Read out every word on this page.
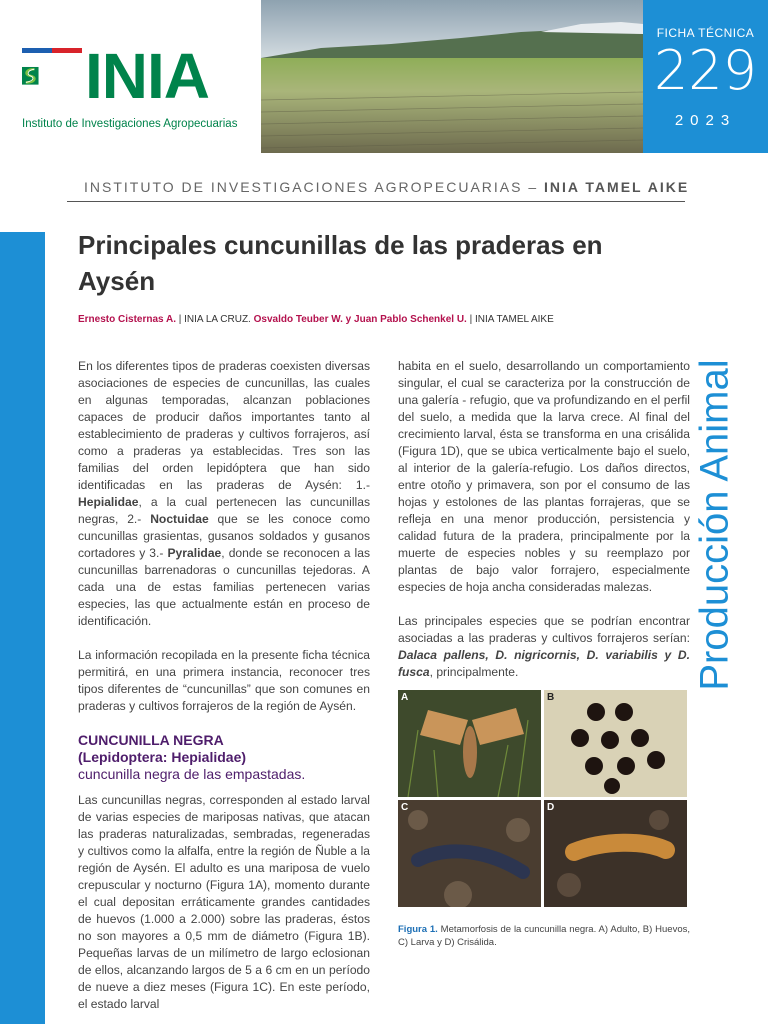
INIA
Instituto de Investigaciones Agropecuarias
FICHA TÉCNICA
229
2023
INSTITUTO DE INVESTIGACIONES AGROPECUARIAS – INIA TAMEL AIKE
Principales cuncunillas de las praderas en Aysén
Ernesto Cisternas A. | INIA LA CRUZ. Osvaldo Teuber W. y Juan Pablo Schenkel U. | INIA TAMEL AIKE
Producción Animal

En los diferentes tipos de praderas coexisten diversas asociaciones de especies de cuncunillas, las cuales en algunas temporadas, alcanzan poblaciones capaces de producir daños importantes tanto al establecimiento de praderas y cultivos forrajeros, así como a praderas ya establecidas. Tres son las familias del orden lepidóptera que han sido identificadas en las praderas de Aysén: 1.- Hepialidae, a la cual pertenecen las cuncunillas negras, 2.- Noctuidae que se les conoce como cuncunillas grasientas, gusanos soldados y gusanos cortadores y 3.- Pyralidae, donde se reconocen a las cuncunillas barrenadoras o cuncunillas tejedoras. A cada una de estas familias pertenecen varias especies, las que actualmente están en proceso de identificación.

La información recopilada en la presente ficha técnica permitirá, en una primera instancia, reconocer tres tipos diferentes de “cuncunillas” que son comunes en praderas y cultivos forrajeros de la región de Aysén.

CUNCUNILLA NEGRA
(Lepidoptera: Hepialidae)
cuncunilla negra de las empastadas.

Las cuncunillas negras, corresponden al estado larval de varias especies de mariposas nativas, que atacan las praderas naturalizadas, sembradas, regeneradas y cultivos como la alfalfa, entre la región de Ñuble a la región de Aysén. El adulto es una mariposa de vuelo crepuscular y nocturno (Figura 1A), momento durante el cual depositan erráticamente grandes cantidades de huevos (1.000 a 2.000) sobre las praderas, éstos no son mayores a 0,5 mm de diámetro (Figura 1B). Pequeñas larvas de un milímetro de largo eclosionan de ellos, alcanzando largos de 5 a 6 cm en un período de nueve a diez meses (Figura 1C). En este período, el estado larval

habita en el suelo, desarrollando un comportamiento singular, el cual se caracteriza por la construcción de una galería - refugio, que va profundizando en el perfil del suelo, a medida que la larva crece. Al final del crecimiento larval, ésta se transforma en una crisálida (Figura 1D), que se ubica verticalmente bajo el suelo, al interior de la galería-refugio. Los daños directos, entre otoño y primavera, son por el consumo de las hojas y estolones de las plantas forrajeras, que se refleja en una menor producción, persistencia y calidad futura de la pradera, principalmente por la muerte de especies nobles y su reemplazo por plantas de bajo valor forrajero, especialmente especies de hoja ancha consideradas malezas.

Las principales especies que se podrían encontrar asociadas a las praderas y cultivos forrajeros serían: Dalaca pallens, D. nigricornis, D. variabilis y D. fusca, principalmente.

A	B
C	D
Figura 1. Metamorfosis de la cuncunilla negra. A) Adulto, B) Huevos, C) Larva y D) Crisálida.
